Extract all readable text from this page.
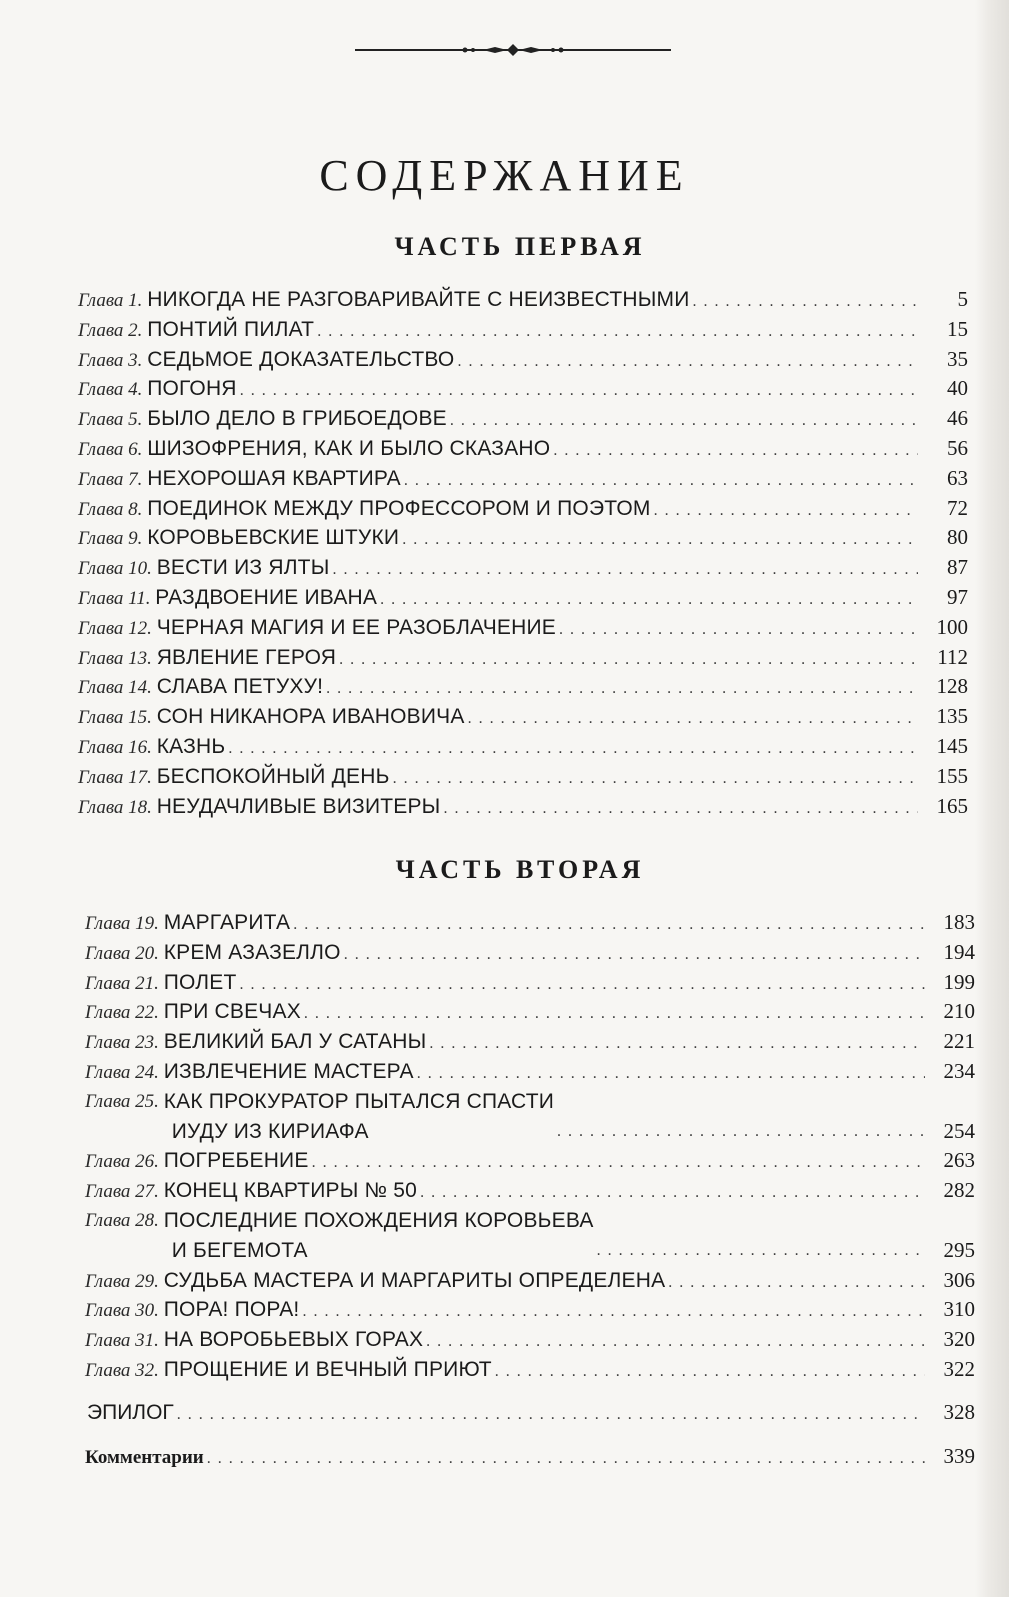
СОДЕРЖАНИЕ
ЧАСТЬ ПЕРВАЯ
Глава 1. НИКОГДА НЕ РАЗГОВАРИВАЙТЕ С НЕИЗВЕСТНЫМИ . . .	5
Глава 2. ПОНТИЙ ПИЛАТ . . .	15
Глава 3. СЕДЬМОЕ ДОКАЗАТЕЛЬСТВО . . .	35
Глава 4. ПОГОНЯ . . .	40
Глава 5. БЫЛО ДЕЛО В ГРИБОЕДОВЕ . . .	46
Глава 6. ШИЗОФРЕНИЯ, КАК И БЫЛО СКАЗАНО . . .	56
Глава 7. НЕХОРОШАЯ КВАРТИРА . . .	63
Глава 8. ПОЕДИНОК МЕЖДУ ПРОФЕССОРОМ И ПОЭТОМ . . .	72
Глава 9. КОРОВЬЕВСКИЕ ШТУКИ . . .	80
Глава 10. ВЕСТИ ИЗ ЯЛТЫ . . .	87
Глава 11. РАЗДВОЕНИЕ ИВАНА . . .	97
Глава 12. ЧЕРНАЯ МАГИЯ И ЕЕ РАЗОБЛАЧЕНИЕ . . .	100
Глава 13. ЯВЛЕНИЕ ГЕРОЯ . . .	112
Глава 14. СЛАВА ПЕТУХУ! . . .	128
Глава 15. СОН НИКАНОРА ИВАНОВИЧА . . .	135
Глава 16. КАЗНЬ . . .	145
Глава 17. БЕСПОКОЙНЫЙ ДЕНЬ . . .	155
Глава 18. НЕУДАЧЛИВЫЕ ВИЗИТЕРЫ . . .	165
ЧАСТЬ ВТОРАЯ
Глава 19. МАРГАРИТА . . .	183
Глава 20. КРЕМ АЗАЗЕЛЛО . . .	194
Глава 21. ПОЛЕТ . . .	199
Глава 22. ПРИ СВЕЧАХ . . .	210
Глава 23. ВЕЛИКИЙ БАЛ У САТАНЫ . . .	221
Глава 24. ИЗВЛЕЧЕНИЕ МАСТЕРА . . .	234
Глава 25. КАК ПРОКУРАТОР ПЫТАЛСЯ СПАСТИ
ИУДУ ИЗ КИРИАФА . . .	254
Глава 26. ПОГРЕБЕНИЕ . . .	263
Глава 27. КОНЕЦ КВАРТИРЫ № 50 . . .	282
Глава 28. ПОСЛЕДНИЕ ПОХОЖДЕНИЯ КОРОВЬЕВА
И БЕГЕМОТА . . .	295
Глава 29. СУДЬБА МАСТЕРА И МАРГАРИТЫ ОПРЕДЕЛЕНА . . .	306
Глава 30. ПОРА! ПОРА! . . .	310
Глава 31. НА ВОРОБЬЕВЫХ ГОРАХ . . .	320
Глава 32. ПРОЩЕНИЕ И ВЕЧНЫЙ ПРИЮТ . . .	322
ЭПИЛОГ . . .	328
Комментарии . . .	339
